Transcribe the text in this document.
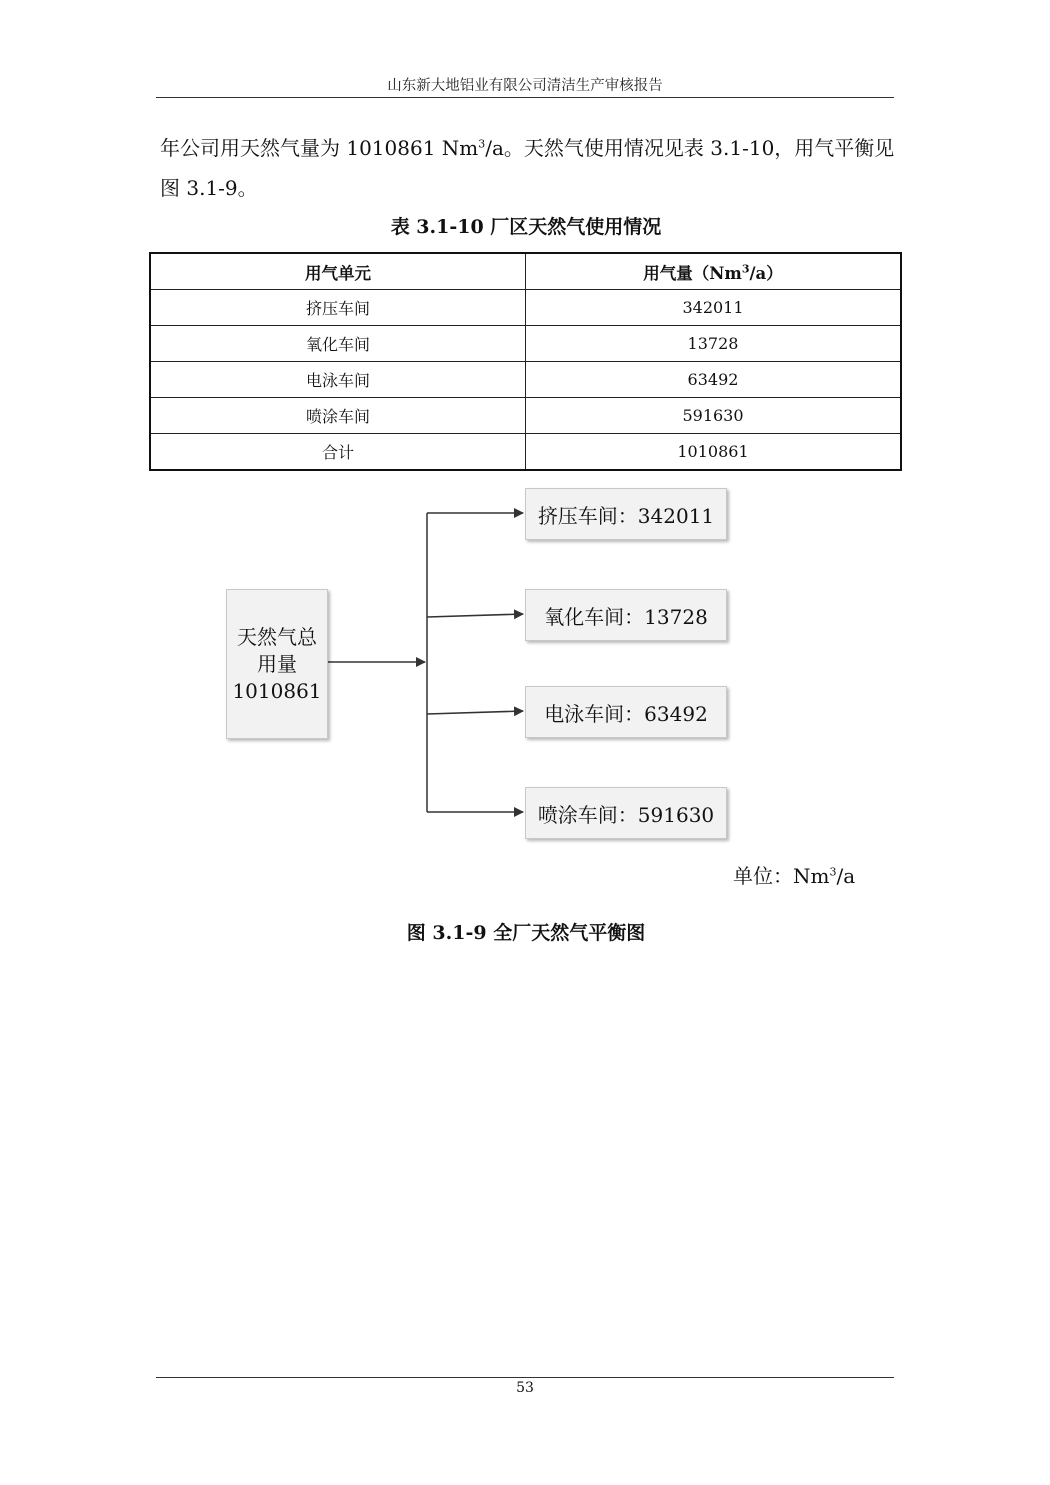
山东新大地铝业有限公司清洁生产审核报告
年公司用天然气量为 1010861 Nm$^3$/a。天然气使用情况见表 3.1-10，用气平衡见
图 3.1-9。
表 3.1-10 厂区天然气使用情况
用气单元	用气量（Nm$^3$/a）
挤压车间	342011
氧化车间	13728
电泳车间	63492
喷涂车间	591630
合计	1010861
天然气总
用量
1010861
挤压车间：342011
氧化车间：13728
电泳车间：63492
喷涂车间：591630
单位：Nm$^3$/a
图 3.1-9 全厂天然气平衡图
53
